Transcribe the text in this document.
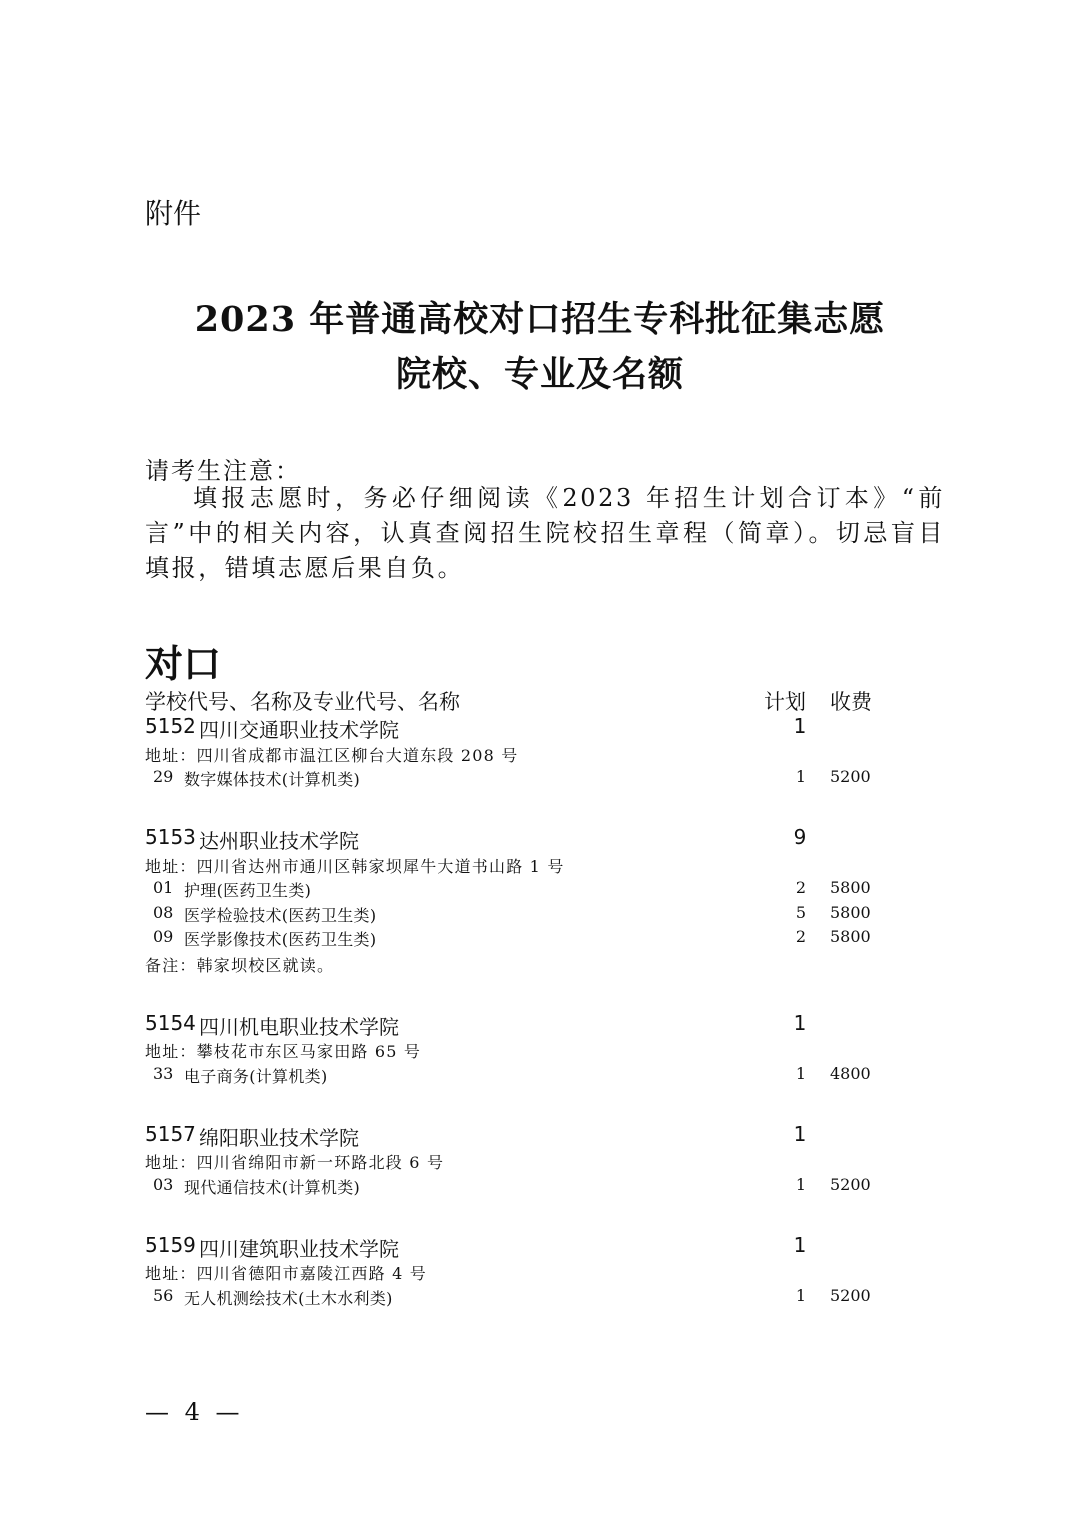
附件
2023 年普通高校对口招生专科批征集志愿
院校、专业及名额
请考生注意：
填报志愿时，务必仔细阅读《2023 年招生计划合订本》“前言”中的相关内容，认真查阅招生院校招生章程（简章）。切忌盲目填报，错填志愿后果自负。
对口
学校代号、名称及专业代号、名称	计划 收费
5152 四川交通职业技术学院	1
地址：四川省成都市温江区柳台大道东段 208 号
29 数字媒体技术(计算机类)	1	5200
5153 达州职业技术学院	9
地址：四川省达州市通川区韩家坝犀牛大道书山路 1 号
01 护理(医药卫生类)	2	5800
08 医学检验技术(医药卫生类)	5	5800
09 医学影像技术(医药卫生类)	2	5800
备注：韩家坝校区就读。
5154 四川机电职业技术学院	1
地址：攀枝花市东区马家田路 65 号
33 电子商务(计算机类)	1	4800
5157 绵阳职业技术学院	1
地址：四川省绵阳市新一环路北段 6 号
03 现代通信技术(计算机类)	1	5200
5159 四川建筑职业技术学院	1
地址：四川省德阳市嘉陵江西路 4 号
56 无人机测绘技术(土木水利类)	1	5200
— 4 —
